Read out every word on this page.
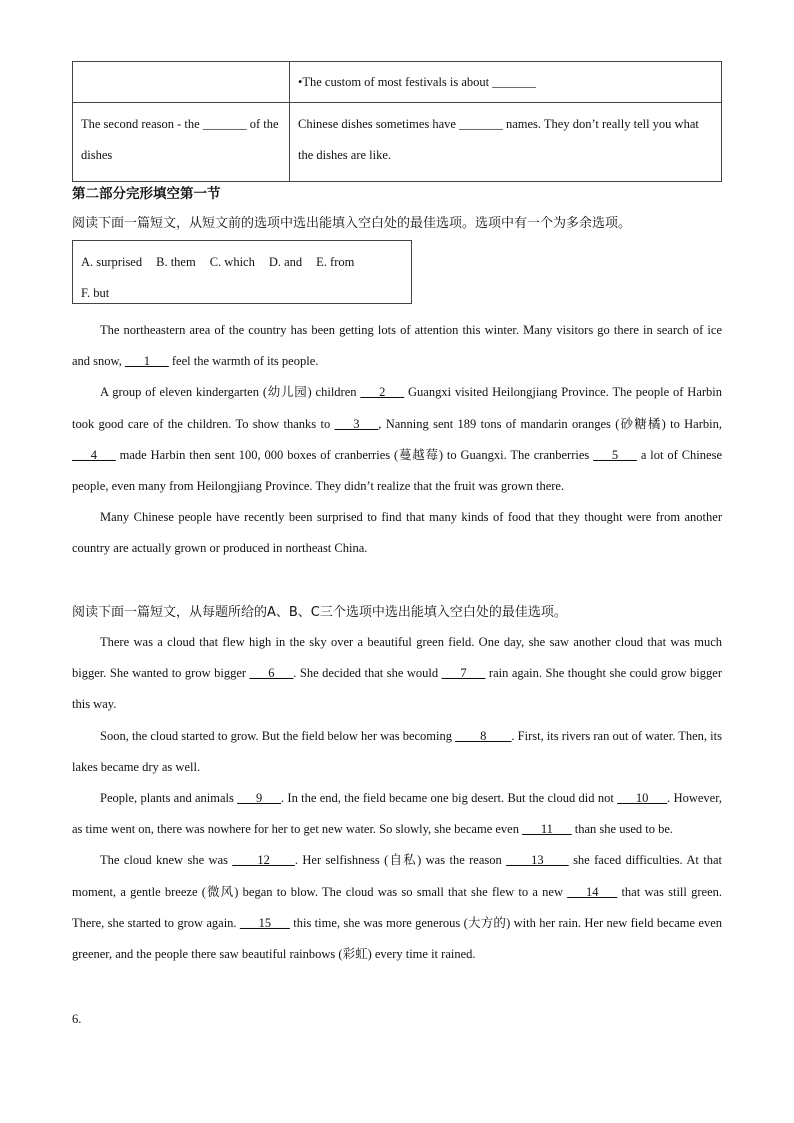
	•The custom of most festivals is about _______
The second reason - the _______ of the dishes	Chinese dishes sometimes have _______ names. They don’t really tell you what the dishes are like.
第二部分完形填空第一节
阅读下面一篇短文，从短文前的选项中选出能填入空白处的最佳选项。选项中有一个为多余选项。
A. surprised B. them C. which D. and E. from
F. but

The northeastern area of the country has been getting lots of attention this winter. Many visitors go there in search of ice and snow, ___1___ feel the warmth of its people.

A group of eleven kindergarten (幼儿园) children ___2___ Guangxi visited Heilongjiang Province. The people of Harbin took good care of the children. To show thanks to ___3___, Nanning sent 189 tons of mandarin oranges (砂糖橘) to Harbin, ___4___ made Harbin then sent 100, 000 boxes of cranberries (蔓越莓) to Guangxi. The cranberries ___5___ a lot of Chinese people, even many from Heilongjiang Province. They didn’t realize that the fruit was grown there.

Many Chinese people have recently been surprised to find that many kinds of food that they thought were from another country are actually grown or produced in northeast China.

阅读下面一篇短文，从每题所给的A、B、C三个选项中选出能填入空白处的最佳选项。

There was a cloud that flew high in the sky over a beautiful green field. One day, she saw another cloud that was much bigger. She wanted to grow bigger ___6___. She decided that she would ___7___ rain again. She thought she could grow bigger this way.

Soon, the cloud started to grow. But the field below her was becoming ____8____. First, its rivers ran out of water. Then, its lakes became dry as well.

People, plants and animals ___9___. In the end, the field became one big desert. But the cloud did not ___10___. However, as time went on, there was nowhere for her to get new water. So slowly, she became even ___11___ than she used to be.

The cloud knew she was ____12____. Her selfishness (自私) was the reason ____13____ she faced difficulties. At that moment, a gentle breeze (微风) began to blow. The cloud was so small that she flew to a new ___14___ that was still green. There, she started to grow again. ___15___ this time, she was more generous (大方的) with her rain. Her new field became even greener, and the people there saw beautiful rainbows (彩虹) every time it rained.

6.
